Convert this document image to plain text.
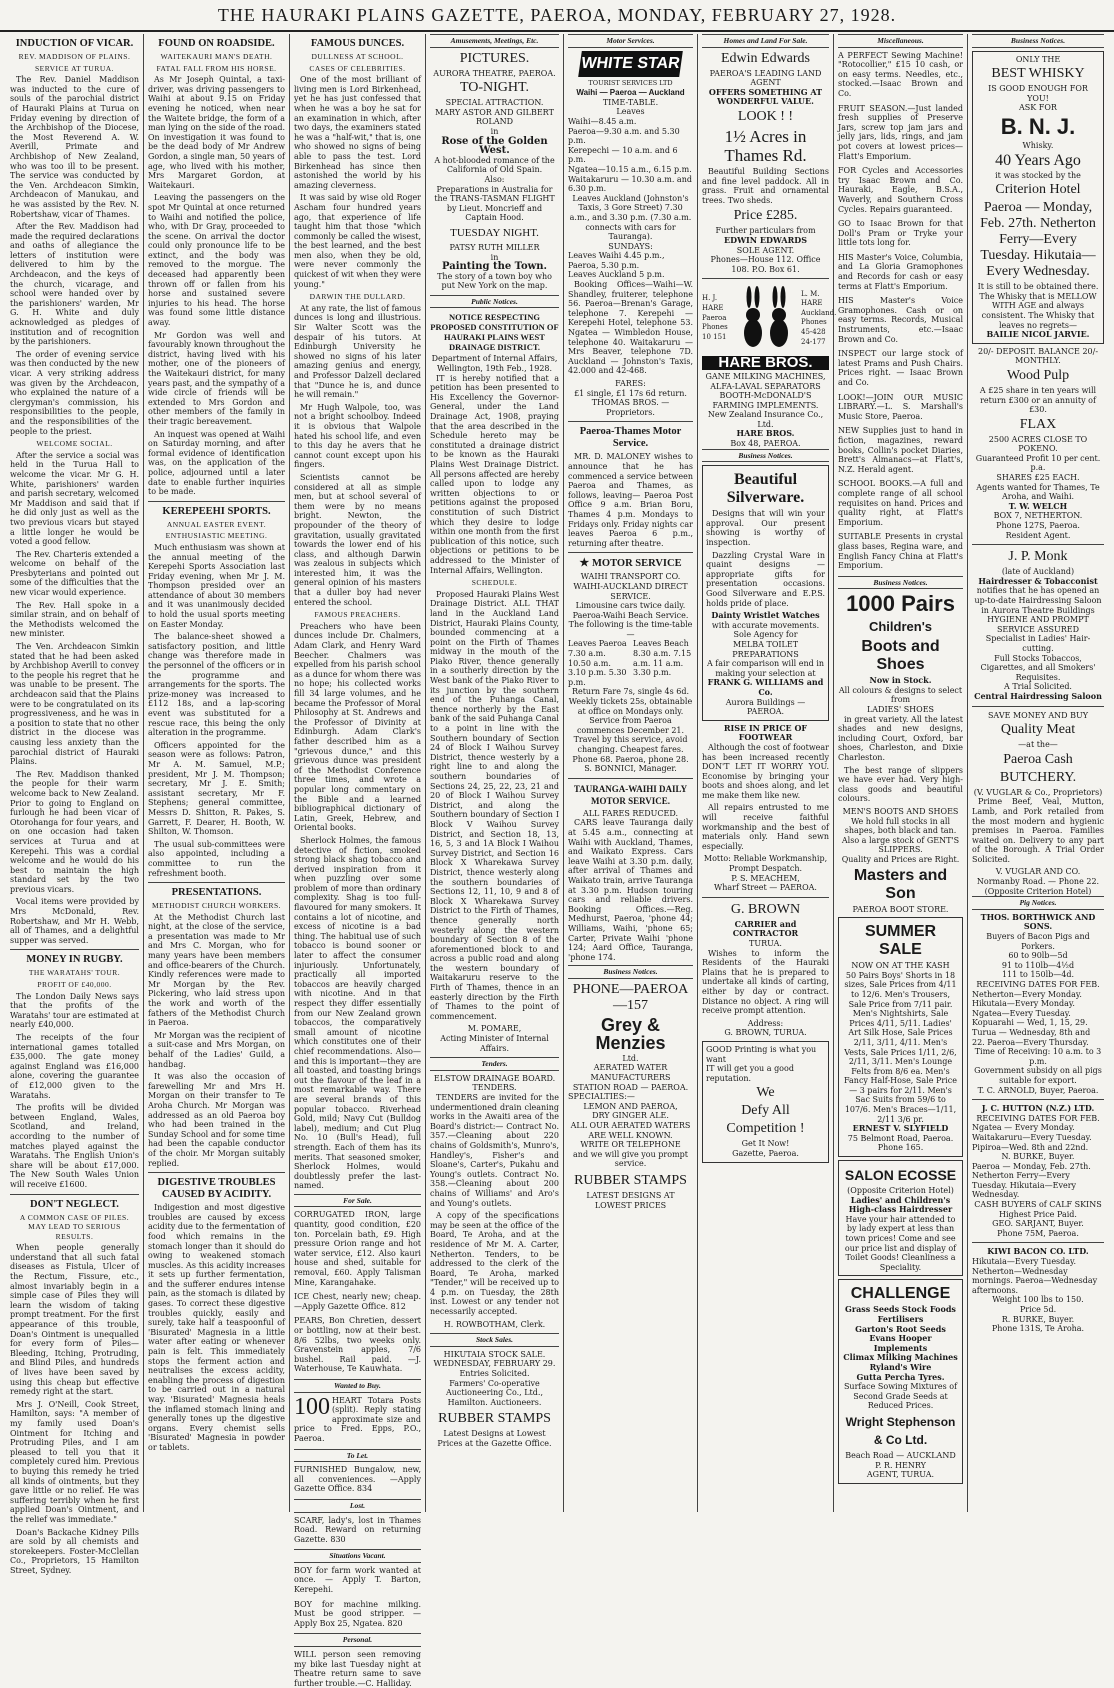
THE HAURAKI PLAINS GAZETTE, PAEROA, MONDAY, FEBRUARY 27, 1928.
INDUCTION OF VICAR.
REV. MADDISON OF PLAINS.
SERVICE AT TURUA.

The Rev. Daniel Maddison was inducted to the cure of souls of the parochial district of Hauraki Plains at Turua on Friday evening by direction of the Archbishop of the Diocese, the Most Reverend A. W. Averill, Primate and Archbishop of New Zealand, who was too ill to be present. The service was conducted by the Ven. Archdeacon Simkin, Archdeacon of Manukau, and he was assisted by the Rev. N. Robertshaw, vicar of Thames.

After the Rev. Maddison had made the required declarations and oaths of allegiance the letters of institution were delivered to him by the Archdeacon, and the keys of the church, vicarage, and school were handed over by the parishioners' warden, Mr G. H. White and duly acknowledged as pledges of institution and of recognition by the parishioners.

The order of evening service was then conducted by the new vicar. A very striking address was given by the Archdeacon, who explained the nature of a clergyman's commission, his responsibilities to the people, and the responsibilities of the people to the priest.

WELCOME SOCIAL.

After the service a social was held in the Turua Hall to welcome the vicar. Mr G. H. White, parishioners' warden and parish secretary, welcomed Mr Maddison and said that if he did only just as well as the two previous vicars but stayed a little longer he would be voted a good fellow.

The Rev. Charteris extended a welcome on behalf of the Presbyterians and pointed out some of the difficulties that the new vicar would experience.

The Rev. Hall spoke in a similar strain, and on behalf of the Methodists welcomed the new minister.

The Ven. Archdeacon Simkin stated that he had been asked by Archbishop Averill to convey to the people his regret that he was unable to be present. The archdeacon said that the Plains were to be congratulated on its progressiveness, and he was in a position to state that no other district in the diocese was causing less anxiety than the parochial district of Hauraki Plains.

The Rev. Maddison thanked the people for their warm welcome back to New Zealand. Prior to going to England on furlough he had been vicar of Otorohanga for four years, and on one occasion had taken services at Turua and at Kerepehi. This was a cordial welcome and he would do his best to maintain the high standard set by the two previous vicars.

Vocal items were provided by Mrs McDonald, Rev. Robertshaw, and Mr H. Webb, all of Thames, and a delightful supper was served.

MONEY IN RUGBY.
THE WARATAHS' TOUR.
PROFIT OF £40,000.

The London Daily News says that the profits of the Waratahs' tour are estimated at nearly £40,000.

The receipts of the four international games totalled £35,000. The gate money against England was £16,000 alone, covering the guarantee of £12,000 given to the Waratahs.

The profits will be divided between England, Wales, Scotland, and Ireland, according to the number of matches played against the Waratahs. The English Union's share will be about £17,000. The New South Wales Union will receive £1600.

DON'T NEGLECT.
A COMMON CASE OF PILES. MAY LEAD TO SERIOUS RESULTS.

When people generally understand that all such fatal diseases as Fistula, Ulcer of the Rectum, Fissure, etc., almost invariably begin in a simple case of Piles they will learn the wisdom of taking prompt treatment. For the first appearance of this trouble, Doan's Ointment is unequalled for every form of Piles—Bleeding, Itching, Protruding, and Blind Piles, and hundreds of lives have been saved by using this cheap but effective remedy right at the start.

Mrs J. O'Neill, Cook Street, Hamilton, says: "A member of my family used Doan's Ointment for Itching and Protruding Piles, and I am pleased to tell you that it completely cured him. Previous to buying this remedy he tried all kinds of ointments, but they gave little or no relief. He was suffering terribly when he first applied Doan's Ointment, and the relief was immediate."

Doan's Backache Kidney Pills are sold by all chemists and storekeepers. Foster-McClellan Co., Proprietors, 15 Hamilton Street, Sydney.

FOUND ON ROADSIDE.
WAITEKAURI MAN'S DEATH.
FATAL FALL FROM HIS HORSE.

As Mr Joseph Quintal, a taxi-driver, was driving passengers to Waihi at about 9.15 on Friday evening he noticed, when near the Waitete bridge, the form of a man lying on the side of the road. On investigation it was found to be the dead body of Mr Andrew Gordon, a single man, 50 years of age, who lived with his mother, Mrs Margaret Gordon, at Waitekauri.

Leaving the passengers on the spot Mr Quintal at once returned to Waihi and notified the police, who, with Dr Gray, proceeded to the scene. On arrival the doctor could only pronounce life to be extinct, and the body was removed to the morgue. The deceased had apparently been thrown off or fallen from his horse and sustained severe injuries to his head. The horse was found some little distance away.

Mr Gordon was well and favourably known throughout the district, having lived with his mother, one of the pioneers of the Waitekauri district, for many years past, and the sympathy of a wide circle of friends will be extended to Mrs Gordon and other members of the family in their tragic bereavement.

An inquest was opened at Waihi on Saturday morning, and after formal evidence of identification was, on the application of the police, adjourned until a later date to enable further inquiries to be made.

KEREPEEHI SPORTS.
ANNUAL EASTER EVENT.
ENTHUSIASTIC MEETING.

Much enthusiasm was shown at the annual meeting of the Kerepehi Sports Association last Friday evening, when Mr J. M. Thompson presided over an attendance of about 30 members and it was unanimously decided to hold the usual sports meeting on Easter Monday.

The balance-sheet showed a satisfactory position, and little change was therefore made in the personnel of the officers or in the programme and arrangements for the sports. The prize-money was increased to £112 18s, and a lap-scoring event was substituted for a rescue race, this being the only alteration in the programme.

Officers appointed for the season were as follows: Patron, Mr A. M. Samuel, M.P.; president, Mr J. M. Thompson; secretary, Mr J. E. Smith; assistant secretary, Mr F. Stephens; general committee, Messrs D. Shitton, R. Pakes, S. Garrett, F. Dearer, H. Booth, W. Shilton, W. Thomson.

The usual sub-committees were also appointed, including a committee to run the refreshment booth.

PRESENTATIONS.
METHODIST CHURCH WORKERS.

At the Methodist Church last night, at the close of the service, a presentation was made to Mr and Mrs C. Morgan, who for many years have been members and office-bearers of the Church. Kindly references were made to Mr Morgan by the Rev. Pickering, who laid stress upon the work and worth of the fathers of the Methodist Church in Paeroa.

Mr Morgan was the recipient of a suit-case and Mrs Morgan, on behalf of the Ladies' Guild, a handbag.

It was also the occasion of farewelling Mr and Mrs H. Morgan on their transfer to Te Aroha Church. Mr Morgan was addressed as an old Paeroa boy who had been trained in the Sunday School and for some time had been the capable conductor of the choir. Mr Morgan suitably replied.

DIGESTIVE TROUBLES CAUSED BY ACIDITY.

Indigestion and most digestive troubles are caused by excess acidity due to the fermentation of food which remains in the stomach longer than it should do owing to weakened stomach muscles. As this acidity increases it sets up further fermentation, and the sufferer endures intense pain, as the stomach is dilated by gases. To correct these digestive troubles quickly, easily and surely, take half a teaspoonful of 'Bisurated' Magnesia in a little water after eating or whenever pain is felt. This immediately stops the ferment action and neutralises the excess acidity, enabling the process of digestion to be carried out in a natural way. 'Bisurated' Magnesia heals the inflamed stomach lining and generally tones up the digestive organs. Every chemist sells 'Bisurated' Magnesia in powder or tablets.

FAMOUS DUNCES.
DULLNESS AT SCHOOL.
CASES OF CELEBRITIES.

One of the most brilliant of living men is Lord Birkenhead, yet he has just confessed that when he was a boy he sat for an examination in which, after two days, the examiners stated he was a "half-wit," that is, one who showed no signs of being able to pass the test. Lord Birkenhead has since then astonished the world by his amazing cleverness.

It was said by wise old Roger Ascham four hundred years ago, that experience of life taught him that those "which commonly be called the wisest, the best learned, and the best men also, when they be old, were never commonly the quickest of wit when they were young."

DARWIN THE DULLARD.

At any rate, the list of famous dunces is long and illustrious. Sir Walter Scott was the despair of his tutors. At Edinburgh University he showed no signs of his later amazing genius and energy, and Professor Dalzell declared that "Dunce he is, and dunce he will remain."

Mr Hugh Walpole, too, was not a bright schoolboy. Indeed it is obvious that Walpole hated his school life, and even to this day he avers that he cannot count except upon his fingers.

Scientists cannot be considered at all as simple men, but at school several of them were by no means bright. Newton, the propounder of the theory of gravitation, usually gravitated towards the lower end of his class, and although Darwin was zealous in subjects which interested him, it was the general opinion of his masters that a duller boy had never entered the school.

FAMOUS PREACHERS.

Preachers who have been dunces include Dr. Chalmers, Adam Clark, and Henry Ward Beecher. Chalmers was expelled from his parish school as a dunce for whom there was no hope; his collected works fill 34 large volumes, and he became the Professor of Moral Philosophy at St. Andrews and the Professor of Divinity at Edinburgh. Adam Clark's father described him as a "grievous dunce," and this grievous dunce was president of the Methodist Conference three times, and wrote a popular long commentary on the Bible and a learned bibliographical dictionary of Latin, Greek, Hebrew, and Oriental books.

Sherlock Holmes, the famous detective of fiction, smoked strong black shag tobacco and derived inspiration from it when puzzling over some problem of more than ordinary complexity. Shag is too full-flavoured for many smokers. It contains a lot of nicotine, and excess of nicotine is a bad thing. The habitual use of such tobacco is bound sooner or later to affect the consumer injuriously. Unfortunately, practically all imported tobaccos are heavily charged with nicotine. And in that respect they differ essentially from our New Zealand grown tobaccos, the comparatively small amount of nicotine which constitutes one of their chief recommendations. Also—and this is important—they are all toasted, and toasting brings out the flavour of the leaf in a most remarkable way. There are several brands of this popular tobacco. Riverhead Gold, mild; Navy Cut (Bulldog label), medium; and Cut Plug No. 10 (Bull's Head), full strength. Each of them has its merits. That seasoned smoker, Sherlock Holmes, would doubtlessly prefer the last-named.

For Sale.
CORRUGATED IRON, large quantity, good condition, £20 ton. Porcelain bath, £9. High pressure Orion range and hot water service, £12. Also kauri house and shed, suitable for removal, £60. Apply Talisman Mine, Karangahake.
ICE Chest, nearly new; cheap.—Apply Gazette Office. 812
PEARS, Bon Chretien, dessert or bottling, now at their best. 8/6 52lbs, two weeks only. Gravenstein apples, 7/6 bushel. Rail paid. —J. Waterhouse, Te Kauwhata.
Wanted to Buy.
100 HEART Totara Posts (split). Reply stating approximate size and price to Fred. Epps, P.O., Paeroa.
To Let.
FURNISHED Bungalow, new, all conveniences. —Apply Gazette Office. 834
Lost.
SCARF, lady's, lost in Thames Road. Reward on returning Gazette. 830
Situations Vacant.
BOY for farm work wanted at once. — Apply T. Barton, Kerepehi.
BOY for machine milking. Must be good stripper. — Apply Box 25, Ngatea. 820
Personal.
WILL person seen removing my bike last Tuesday night at Theatre return same to save further trouble.—C. Halliday.
Amusements, Meetings, Etc.
PICTURES.
AURORA THEATRE, PAEROA.
TO-NIGHT.
SPECIAL ATTRACTION.
MARY ASTOR AND GILBERT ROLAND
in
Rose of the Golden West.
A hot-blooded romance of the California of Old Spain.
Also:
Preparations in Australia for the TRANS-TASMAN FLIGHT by Lieut. Moncrieff and Captain Hood.
TUESDAY NIGHT.
PATSY RUTH MILLER
in
Painting the Town.
The story of a town boy who put New York on the map.
Public Notices.
NOTICE RESPECTING PROPOSED CONSTITUTION OF HAURAKI PLAINS WEST DRAINAGE DISTRICT.
Department of Internal Affairs, Wellington, 19th Feb., 1928.

IT is hereby notified that a petition has been presented to His Excellency the Governor-General, under the Land Drainage Act, 1908, praying that the area described in the Schedule hereto may be constituted a drainage district to be known as the Hauraki Plains West Drainage District. All persons affected are hereby called upon to lodge any written objections to or petitions against the proposed constitution of such District which they desire to lodge within one month from the first publication of this notice, such objections or petitions to be addressed to the Minister of Internal Affairs, Wellington.

SCHEDULE.

Proposed Hauraki Plains West Drainage District. ALL THAT land in the Auckland Land District, Hauraki Plains County, bounded commencing at a point on the Firth of Thames midway in the mouth of the Piako River, thence generally in a southerly direction by the West bank of the Piako River to its junction by the southern end of the Puhanga Canal, thence northerly by the East bank of the said Puhanga Canal to a point in line with the Southern boundary of Section 24 of Block I Waihou Survey District, thence westerly by a right line to and along the southern boundaries of Sections 24, 25, 22, 23, 21 and 20 of Block I Waihou Survey District, and along the Southern boundary of Section I Block V Waihou Survey District, and Section 18, 13, 16, 5, 3 and 1A Block I Waihou Survey District, and Section 16 Block X Wharekawa Survey District, thence westerly along the southern boundaries of Sections 12, 11, 10, 9 and 8 of Block X Wharekawa Survey District to the Firth of Thames, thence generally north westerly along the western boundary of Section 8 of the aforementioned block to and across a public road and along the western boundary of Waitakaruru reserve to the Firth of Thames, thence in an easterly direction by the Firth of Thames to the point of commencement.

M. POMARE,
Acting Minister of Internal Affairs.
Tenders.
ELSTOW DRAINAGE BOARD.
TENDERS.

TENDERS are invited for the undermentioned drain cleaning works in the Awaiti area of the Board's district:— Contract No. 357.—Cleaning about 220 chains of Goldsmith's, Munro's, Handley's, Fisher's and Sloane's, Carter's, Pukahu and Young's outlets. Contract No. 358.—Cleaning about 200 chains of Williams' and Aro's and Young's outlets.

A copy of the specifications may be seen at the office of the Board, Te Aroha, and at the residence of Mr M. A. Carter, Netherton. Tenders, to be addressed to the clerk of the Board, Te Aroha, marked "Tender," will be received up to 4 p.m. on Tuesday, the 28th inst. Lowest or any tender not necessarily accepted.

H. ROWBOTHAM, Clerk.
Stock Sales.
HIKUTAIA STOCK SALE.
WEDNESDAY, FEBRUARY 29.
Entries Solicited.
Farmers' Co-operative Auctioneering Co., Ltd., Hamilton. Auctioneers.
RUBBER STAMPS
Latest Designs at Lowest Prices at the Gazette Office.
Motor Services.
WHITE STAR
TOURIST SERVICES LTD
Waihi — Paeroa — Auckland
TIME-TABLE.
Leaves
Waihi—8.45 a.m.
Paeroa—9.30 a.m. and 5.30 p.m.
Kerepechi — 10 a.m. and 6 p.m.
Ngatea—10.15 a.m., 6.15 p.m.
Waitakaruru — 10.30 a.m. and 6.30 p.m.
Leaves Auckland (Johnston's Taxis, 3 Gore Street) 7.30 a.m., and 3.30 p.m. (7.30 a.m. connects with cars for Tauranga).
SUNDAYS:
Leaves Waihi 4.45 p.m., Paeroa, 5.30 p.m.
Leaves Auckland 5 p.m.

Booking Offices—Waihi—W. Shandley, fruiterer, telephone 56. Paeroa—Brenan's Garage, telephone 7. Kerepehi — Kerepehi Hotel, telephone 53. Ngatea — Wimbledon House, telephone 40. Waitakaruru —Mrs Beaver, telephone 7D. Auckland — Johnston's Taxis, 42.000 and 42-468.

FARES:
£1 single, £1 17s 6d return.
THOMAS BROS. — Proprietors.
Paeroa-Thames Motor Service.

MR. D. MALONEY wishes to announce that he has commenced a service between Paeroa and Thames, as follows, leaving— Paeroa Post Office 9 a.m. Brian Boru, Thames 4 p.m. Mondays to Fridays only. Friday nights car leaves Paeroa 6 p.m., returning after theatre.

★ MOTOR SERVICE
WAIHI TRANSPORT CO.
WAIHI-AUCKLAND DIRECT SERVICE.
Limousine cars twice daily.
Paeroa-Waihi Beach Service.
The following is the time-table—
Leaves Paeroa 7.30 a.m. 10.50 a.m. 3.10 p.m. 5.30 p.m.
Leaves Beach 8.30 a.m. 7.15 a.m. 11 a.m. 3.30 p.m.
Return Fare 7s, single 4s 6d.
Weekly tickets 25s, obtainable at office on Mondays only.
Service from Paeroa commences December 21.
Travel by this service, avoid changing. Cheapest fares.
Phone 68. Paeroa, phone 28.
S. BONNICI, Manager.
TAURANGA-WAIHI DAILY MOTOR SERVICE.
ALL FARES REDUCED.

CARS leave Tauranga daily at 5.45 a.m., connecting at Waihi with Auckland, Thames, and Waikato Express. Cars leave Waihi at 3.30 p.m. daily, after arrival of Thames and Waikato train, arrive Tauranga at 3.30 p.m. Hudson touring cars and reliable drivers. Booking Offices.—Reg. Medhurst, Paeroa, 'phone 44; Williams, Waihi, 'phone 65; Carter, Private Waihi 'phone 124; Aard Office, Tauranga, 'phone 174.

Business Notices.
PHONE—PAEROA —157
Grey & Menzies
Ltd.
AERATED WATER
MANUFACTURERS
STATION ROAD — PAEROA.
SPECIALTIES:—
LEMON AND PAEROA,
DRY GINGER ALE.
ALL OUR AERATED WATERS ARE WELL KNOWN.
WRITE OR TELEPHONE
and we will give you prompt service.
RUBBER STAMPS
LATEST DESIGNS AT LOWEST PRICES
Homes and Land For Sale.
Edwin Edwards
PAEROA'S LEADING LAND AGENT
OFFERS SOMETHING AT WONDERFUL VALUE.
LOOK ! !
1½ Acres in Thames Rd.

Beautiful Building Sections and fine level paddock. All in grass. Fruit and ornamental trees. Two sheds.

Price £285.
Further particulars from
EDWIN EDWARDS
SOLE AGENT.
Phones—House 112. Office 108. P.O. Box 61.
H. J. HARE Paeroa Phones 10 151
L. M. HARE Auckland. Phones 45-428 24-177
HARE BROS.
GANE MILKING MACHINES,
ALFA-LAVAL SEPARATORS
BOOTH-McDONALD'S
FARMING IMPLEMENTS.
New Zealand Insurance Co., Ltd.
HARE BROS.
Box 48, PAEROA.
Business Notices.
Beautiful Silverware.

Designs that will win your approval. Our present showing is worthy of inspection.

Dazzling Crystal Ware in quaint designs — appropriate gifts for presentation occasions. Good Silverware and E.P.S. holds pride of place.

Dainty Wristlet Watches
with accurate movements.
Sole Agency for
MELBA TOILET PREPARATIONS
A fair comparison will end in making your selection at
FRANK G. WILLIAMS and Co.
Aurora Buildings — PAEROA.
RISE IN PRICE OF FOOTWEAR

Although the cost of footwear has been increased recently DON'T LET IT WORRY YOU. Economise by bringing your boots and shoes along, and let me make them like new.

All repairs entrusted to me will receive faithful workmanship and the best of materials only. Hand sewn especially.

Motto: Reliable Workmanship, Prompt Despatch.
P. S. MEACHEM,
Wharf Street — PAEROA.
G. BROWN
CARRIER and CONTRACTOR
TURUA.

Wishes to inform the Residents of the Hauraki Plains that he is prepared to undertake all kinds of carting, either by day or contract. Distance no object. A ring will receive prompt attention.

Address:
G. BROWN, TURUA.
GOOD Printing is what you want
IT will get you a good reputation.
We
Defy All
Competition !
Get It Now!
Gazette, Paeroa.
Miscellaneous.
A PERFECT Sewing Machine! "Rotocollier," £15 10 cash, or on easy terms. Needles, etc., stocked.—Isaac Brown and Co.
FRUIT SEASON.—Just landed fresh supplies of Preserve Jars, screw top jam jars and jelly jars, lids, rings, and jam pot covers at lowest prices—Flatt's Emporium.
FOR Cycles and Accessories try Isaac Brown and Co. Hauraki, Eagle, B.S.A., Waverly, and Southern Cross Cycles. Repairs guaranteed.
GO to Isaac Brown for that Doll's Pram or Tryke your little tots long for.
HIS Master's Voice, Columbia, and La Gloria Gramophones and Records for cash or easy terms at Flatt's Emporium.
HIS Master's Voice Gramophones. Cash or on easy terms. Records, Musical Instruments, etc.—Isaac Brown and Co.
INSPECT our large stock of latest Prams and Push Chairs. Prices right. — Isaac Brown and Co.
LOOK!—JOIN OUR MUSIC LIBRARY.—L. S. Marshall's Music Store, Paeroa.
NEW Supplies just to hand in fiction, magazines, reward books, Collin's pocket Diaries, Brett's Almanacs—at Flatt's, N.Z. Herald agent.
SCHOOL BOOKS.—A full and complete range of all school requisites on hand. Prices and quality right, at Flatt's Emporium.
SUITABLE Presents in crystal glass bases, Regina ware, and English Fancy China at Flatt's Emporium.
Business Notices.
1000 Pairs
Children's
Boots and Shoes
Now in Stock.
All colours & designs to select from
LADIES' SHOES

in great variety. All the latest shades and new designs, including Court, Oxford, bar shoes, Charleston, and Dixie Charleston.

The best range of slippers we have ever had. Very high-class goods and beautiful colours.

MEN'S BOOTS AND SHOES
We hold full stocks in all shapes, both black and tan.
Also a large stock of GENT'S SLIPPERS.
Quality and Prices are Right.
Masters and Son
PAEROA BOOT STORE.
SUMMER SALE
NOW ON AT THE KASH
50 Pairs Boys' Shorts in 18 sizes, Sale Prices from 4/11 to 12/6. Men's Trousers, Sale Price from 7/11 pair. Men's Nightshirts, Sale Prices 4/11, 5/11. Ladies' Art Silk Hose, Sale Prices 2/11, 3/11, 4/11. Men's Vests, Sale Prices 1/11, 2/6, 2/11, 3/11. Men's Lounge Felts from 8/6 ea. Men's Fancy Half-Hose, Sale Price — 3 pairs for 2/11. Men's Sac Suits from 59/6 to 107/6. Men's Braces—1/11, 2/11 3/6 pr.
ERNEST V. SLYFIELD
75 Belmont Road, Paeroa. Phone 165.
SALON ECOSSE
(Opposite Criterion Hotel)
Ladies' and Children's High-class Hairdresser
Have your hair attended to by lady expert at less than town prices! Come and see our price list and display of Toilet Goods! Cleanliness a Speciality.
CHALLENGE
Grass Seeds Stock Foods Fertilisers
Garton's Root Seeds
Evans Hooper Implements
Climax Milking Machines
Ryland's Wire
Gutta Percha Tyres.
Surface Sowing Mixtures of Second Grade Seeds at Reduced Prices.
Wright Stephenson & Co Ltd.
Beach Road — AUCKLAND
P. R. HENRY
AGENT, TURUA.
Business Notices.
ONLY THE
BEST WHISKY
IS GOOD ENOUGH FOR YOU!
ASK FOR
B. N. J.
Whisky.
40 Years Ago
it was stocked by the
Criterion Hotel
Paeroa — Monday, Feb. 27th. Netherton Ferry—Every Tuesday. Hikutaia—Every Wednesday.
It is still to be obtained there.
The Whisky that is MELLOW WITH AGE and always consistent. The Whisky that leaves no regrets—
BAILIE NICOL JARVIE.
20/- DEPOSIT. BALANCE 20/- MONTHLY.
Wood Pulp
A £25 share in ten years will return £300 or an annuity of £30.
FLAX
2500 ACRES CLOSE TO POKENO.
Guaranteed Profit 10 per cent. p.a.
SHARES £25 EACH.
Agents wanted for Thames, Te Aroha, and Waihi.
T. W. WELCH
BOX 7, NETHERTON.
Phone 127S, Paeroa.
Resident Agent.
J. P. Monk
(late of Auckland)
Hairdresser & Tobacconist
notifies that he has opened an up-to-date Hairdressing Saloon in Aurora Theatre Buildings HYGIENE AND PROMPT SERVICE ASSURED
Specialist in Ladies' Hair-cutting.
Full Stocks Tobaccos, Cigarettes, and all Smokers' Requisites.
A Trial Solicited.
Central Hairdressing Saloon
SAVE MONEY AND BUY
Quality Meat
—at the—
Paeroa Cash
BUTCHERY.
(V. VUGLAR & Co., Proprietors)

Prime Beef, Veal, Mutton, Lamb, and Pork retailed from the most modern and hygienic premises in Paeroa. Families waited on. Delivery to any part of the Borough. A Trial Order Solicited.

V. VUGLAR AND CO.
Normanby Road. — Phone 22.
(Opposite Criterion Hotel)
Pig Notices.
THOS. BORTHWICK AND SONS.
Buyers of Bacon Pigs and Porkers.
60 to 90lb—5d
91 to 110lb—4½d
111 to 150lb—4d.
RECEIVING DATES FOR FEB.
Netherton—Every Monday. Hikutaia—Every Monday. Ngatea—Every Tuesday. Kopuarahi — Wed, 1, 15, 29. Turua — Wednesday, 8th and 22. Paeroa—Every Thursday.
Time of Receiving: 10 a.m. to 3 p.m.
Government subsidy on all pigs suitable for export.
T. C. ARNOLD, Buyer, Paeroa.
J. C. HUTTON (N.Z.) LTD.
RECEIVING DATES FOR FEB.
Ngatea — Every Monday. Waitakaruru—Every Tuesday. Pipiroa—Wed. 8th and 22nd.
N. BURKE, Buyer.
Paeroa — Monday, Feb. 27th. Netherton Ferry—Every Tuesday. Hikutaia—Every Wednesday.
CASH BUYERS of CALF SKINS
Highest Price Paid.
GEO. SARJANT, Buyer.
Phone 75M, Paeroa.
KIWI BACON CO. LTD.
Hikutaia—Every Tuesday. Netherton—Wednesday mornings. Paeroa—Wednesday afternoons.
Weight 100 lbs to 150.
Price 5d.
R. BURKE, Buyer.
Phone 131S, Te Aroha.
